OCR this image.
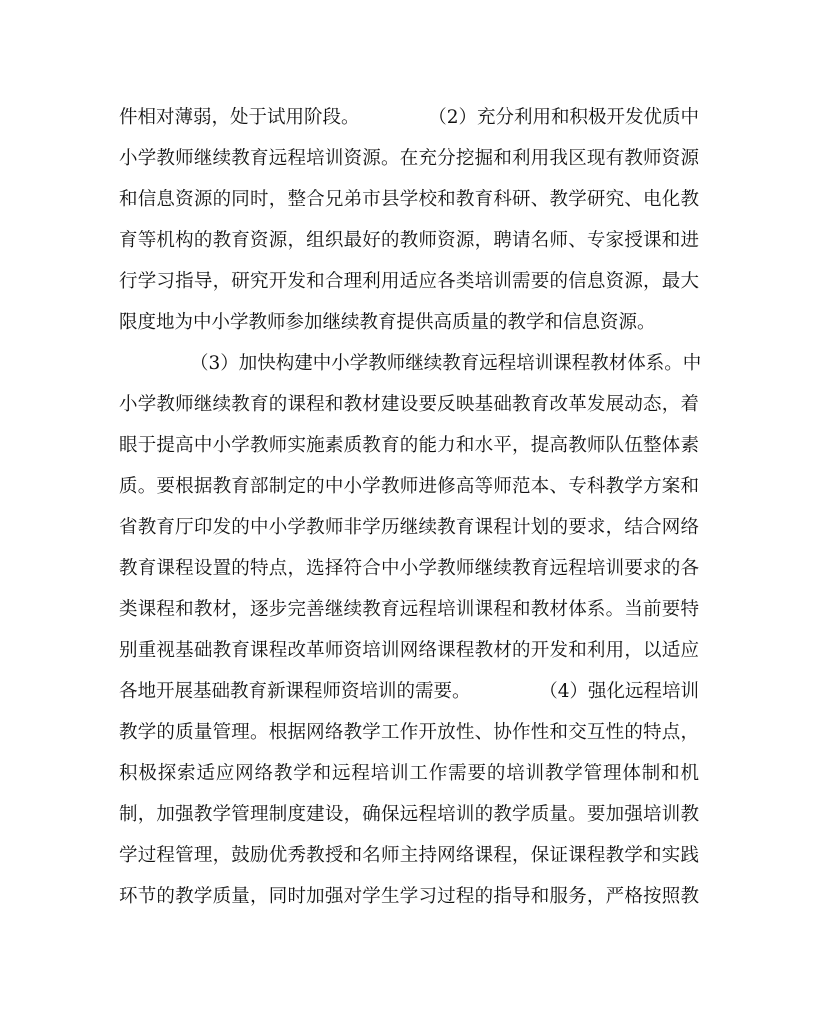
件相对薄弱，处于试用阶段。	（2）充分利用和积极开发优质中
小学教师继续教育远程培训资源。在充分挖掘和利用我区现有教师资源
和信息资源的同时，整合兄弟市县学校和教育科研、教学研究、电化教
育等机构的教育资源，组织最好的教师资源，聘请名师、专家授课和进
行学习指导，研究开发和合理利用适应各类培训需要的信息资源，最大
限度地为中小学教师参加继续教育提供高质量的教学和信息资源。
（3）加快构建中小学教师继续教育远程培训课程教材体系。中
小学教师继续教育的课程和教材建设要反映基础教育改革发展动态，着
眼于提高中小学教师实施素质教育的能力和水平，提高教师队伍整体素
质。要根据教育部制定的中小学教师进修高等师范本、专科教学方案和
省教育厅印发的中小学教师非学历继续教育课程计划的要求，结合网络
教育课程设置的特点，选择符合中小学教师继续教育远程培训要求的各
类课程和教材，逐步完善继续教育远程培训课程和教材体系。当前要特
别重视基础教育课程改革师资培训网络课程教材的开发和利用，以适应
各地开展基础教育新课程师资培训的需要。	（4）强化远程培训
教学的质量管理。根据网络教学工作开放性、协作性和交互性的特点，
积极探索适应网络教学和远程培训工作需要的培训教学管理体制和机
制，加强教学管理制度建设，确保远程培训的教学质量。要加强培训教
学过程管理，鼓励优秀教授和名师主持网络课程，保证课程教学和实践
环节的教学质量，同时加强对学生学习过程的指导和服务，严格按照教
